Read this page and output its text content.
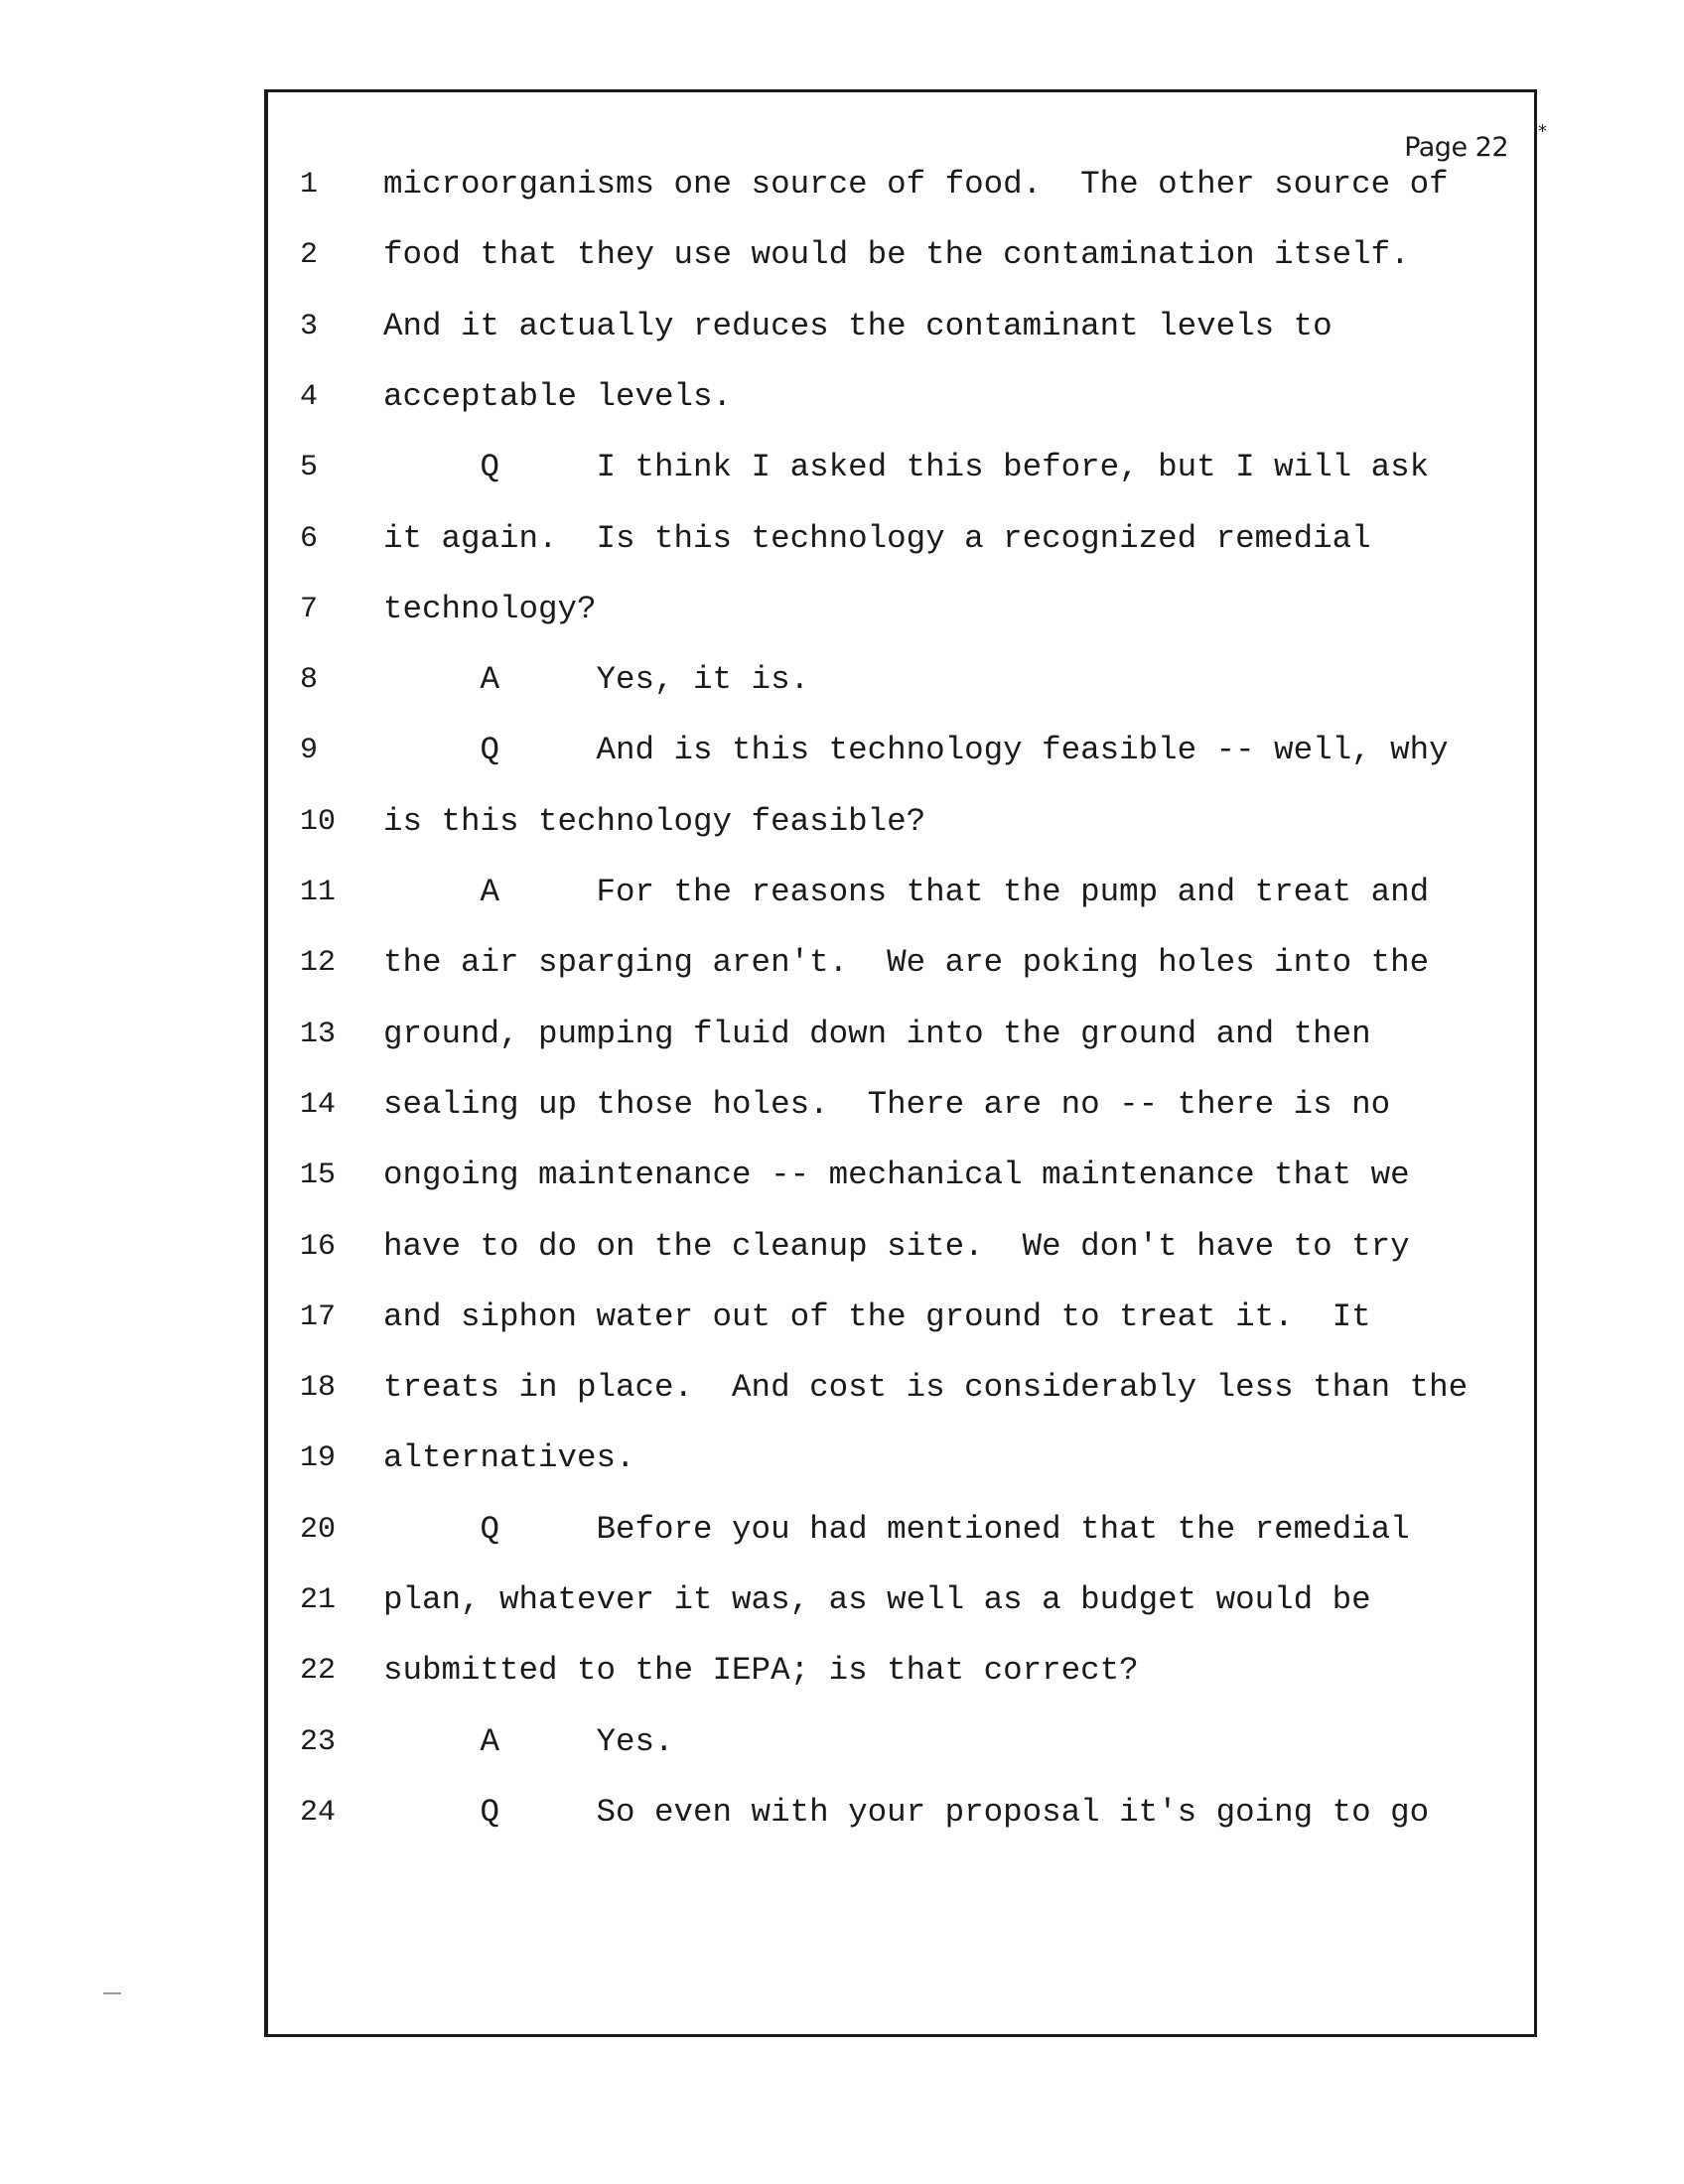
Page 22
*
1	microorganisms one source of food.  The other source of
2	food that they use would be the contamination itself.
3	And it actually reduces the contaminant levels to
4	acceptable levels.
5	Q     I think I asked this before, but I will ask
6	it again.  Is this technology a recognized remedial
7	technology?
8	A     Yes, it is.
9	Q     And is this technology feasible -- well, why
10	is this technology feasible?
11	A     For the reasons that the pump and treat and
12	the air sparging aren't.  We are poking holes into the
13	ground, pumping fluid down into the ground and then
14	sealing up those holes.  There are no -- there is no
15	ongoing maintenance -- mechanical maintenance that we
16	have to do on the cleanup site.  We don't have to try
17	and siphon water out of the ground to treat it.  It
18	treats in place.  And cost is considerably less than the
19	alternatives.
20	Q     Before you had mentioned that the remedial
21	plan, whatever it was, as well as a budget would be
22	submitted to the IEPA; is that correct?
23	A     Yes.
24	Q     So even with your proposal it's going to go
